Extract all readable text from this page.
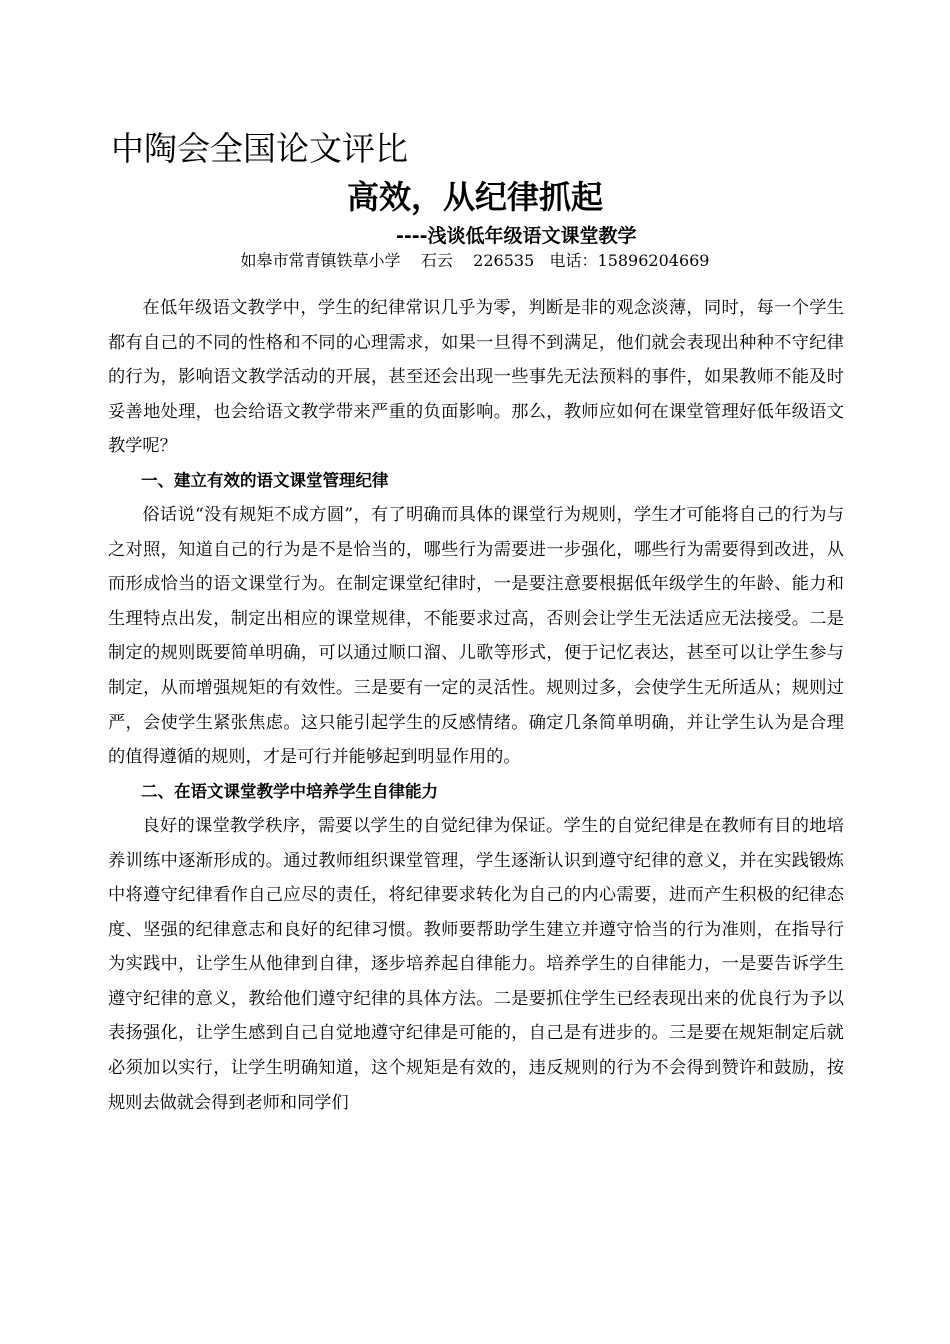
中陶会全国论文评比
高效，从纪律抓起
----浅谈低年级语文课堂教学
如皋市常青镇铁草小学    石云    226535   电话：15896204669

在低年级语文教学中，学生的纪律常识几乎为零，判断是非的观念淡薄，同时，每一个学生都有自己的不同的性格和不同的心理需求，如果一旦得不到满足，他们就会表现出种种不守纪律的行为，影响语文教学活动的开展，甚至还会出现一些事先无法预料的事件，如果教师不能及时妥善地处理，也会给语文教学带来严重的负面影响。那么，教师应如何在课堂管理好低年级语文教学呢？

一、建立有效的语文课堂管理纪律

俗话说“没有规矩不成方圆”，有了明确而具体的课堂行为规则，学生才可能将自己的行为与之对照，知道自己的行为是不是恰当的，哪些行为需要进一步强化，哪些行为需要得到改进，从而形成恰当的语文课堂行为。在制定课堂纪律时，一是要注意要根据低年级学生的年龄、能力和生理特点出发，制定出相应的课堂规律，不能要求过高，否则会让学生无法适应无法接受。二是制定的规则既要简单明确，可以通过顺口溜、儿歌等形式，便于记忆表达，甚至可以让学生参与制定，从而增强规矩的有效性。三是要有一定的灵活性。规则过多，会使学生无所适从；规则过严，会使学生紧张焦虑。这只能引起学生的反感情绪。确定几条简单明确，并让学生认为是合理的值得遵循的规则，才是可行并能够起到明显作用的。

二、在语文课堂教学中培养学生自律能力

良好的课堂教学秩序，需要以学生的自觉纪律为保证。学生的自觉纪律是在教师有目的地培养训练中逐渐形成的。通过教师组织课堂管理，学生逐渐认识到遵守纪律的意义，并在实践锻炼中将遵守纪律看作自己应尽的责任，将纪律要求转化为自己的内心需要，进而产生积极的纪律态度、坚强的纪律意志和良好的纪律习惯。教师要帮助学生建立并遵守恰当的行为准则，在指导行为实践中，让学生从他律到自律，逐步培养起自律能力。培养学生的自律能力，一是要告诉学生遵守纪律的意义，教给他们遵守纪律的具体方法。二是要抓住学生已经表现出来的优良行为予以表扬强化，让学生感到自己自觉地遵守纪律是可能的，自己是有进步的。三是要在规矩制定后就必须加以实行，让学生明确知道，这个规矩是有效的，违反规则的行为不会得到赞许和鼓励，按规则去做就会得到老师和同学们
